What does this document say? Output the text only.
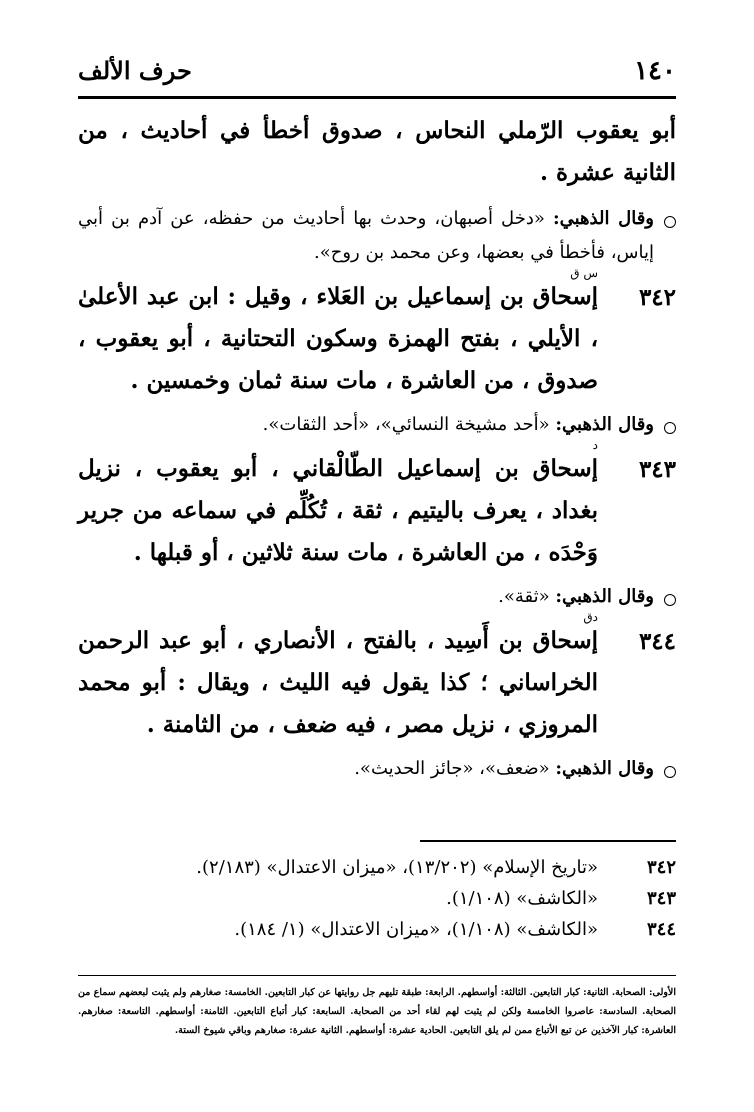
١٤٠
حرف الألف

أبو يعقوب الرّملي النحاس ، صدوق أخطأ في أحاديث ، من الثانية عشرة .

وقال الذهبي: «دخل أصبهان، وحدث بها أحاديث من حفظه، عن آدم بن أبي إياس، فأخطأ في بعضها، وعن محمد بن روح».
٣٤٢
س ق
إسحاق بن إسماعيل بن العَلاء ، وقيل : ابن عبد الأعلىٰ ، الأيلي ، بفتح الهمزة وسكون التحتانية ، أبو يعقوب ، صدوق ، من العاشرة ، مات سنة ثمان وخمسين .
وقال الذهبي: «أحد مشيخة النسائي»، «أحد الثقات».
٣٤٣
د
إسحاق بن إسماعيل الطّالْقاني ، أبو يعقوب ، نزيل بغداد ، يعرف باليتيم ، ثقة ، تُكُلِّم في سماعه من جرير وَحْدَه ، من العاشرة ، مات سنة ثلاثين ، أو قبلها .
وقال الذهبي: «ثقة».
٣٤٤
دق
إسحاق بن أَسِيد ، بالفتح ، الأنصاري ، أبو عبد الرحمن الخراساني ؛ كذا يقول فيه الليث ، ويقال : أبو محمد المروزي ، نزيل مصر ، فيه ضعف ، من الثامنة .
وقال الذهبي: «ضعف»، «جائز الحديث».
٣٤٢
«تاريخ الإسلام» (١٣/٢٠٢)، «ميزان الاعتدال» (٢/١٨٣).
٣٤٣
«الكاشف» (١/١٠٨).
٣٤٤
«الكاشف» (١/١٠٨)، «ميزان الاعتدال» (١/ ١٨٤).
الأولى: الصحابة. الثانية: كبار التابعين. الثالثة: أواسطهم. الرابعة: طبقة تليهم جل روايتها عن كبار التابعين. الخامسة: صغارهم ولم يثبت لبعضهم سماع من الصحابة. السادسة: عاصروا الخامسة ولكن لم يثبت لهم لقاء أحد من الصحابة. السابعة: كبار أتباع التابعين. الثامنة: أواسطهم. التاسعة: صغارهم. العاشرة: كبار الآخذين عن تبع الأتباع ممن لم يلق التابعين. الحادية عشرة: أواسطهم. الثانية عشرة: صغارهم وباقي شيوخ الستة.
